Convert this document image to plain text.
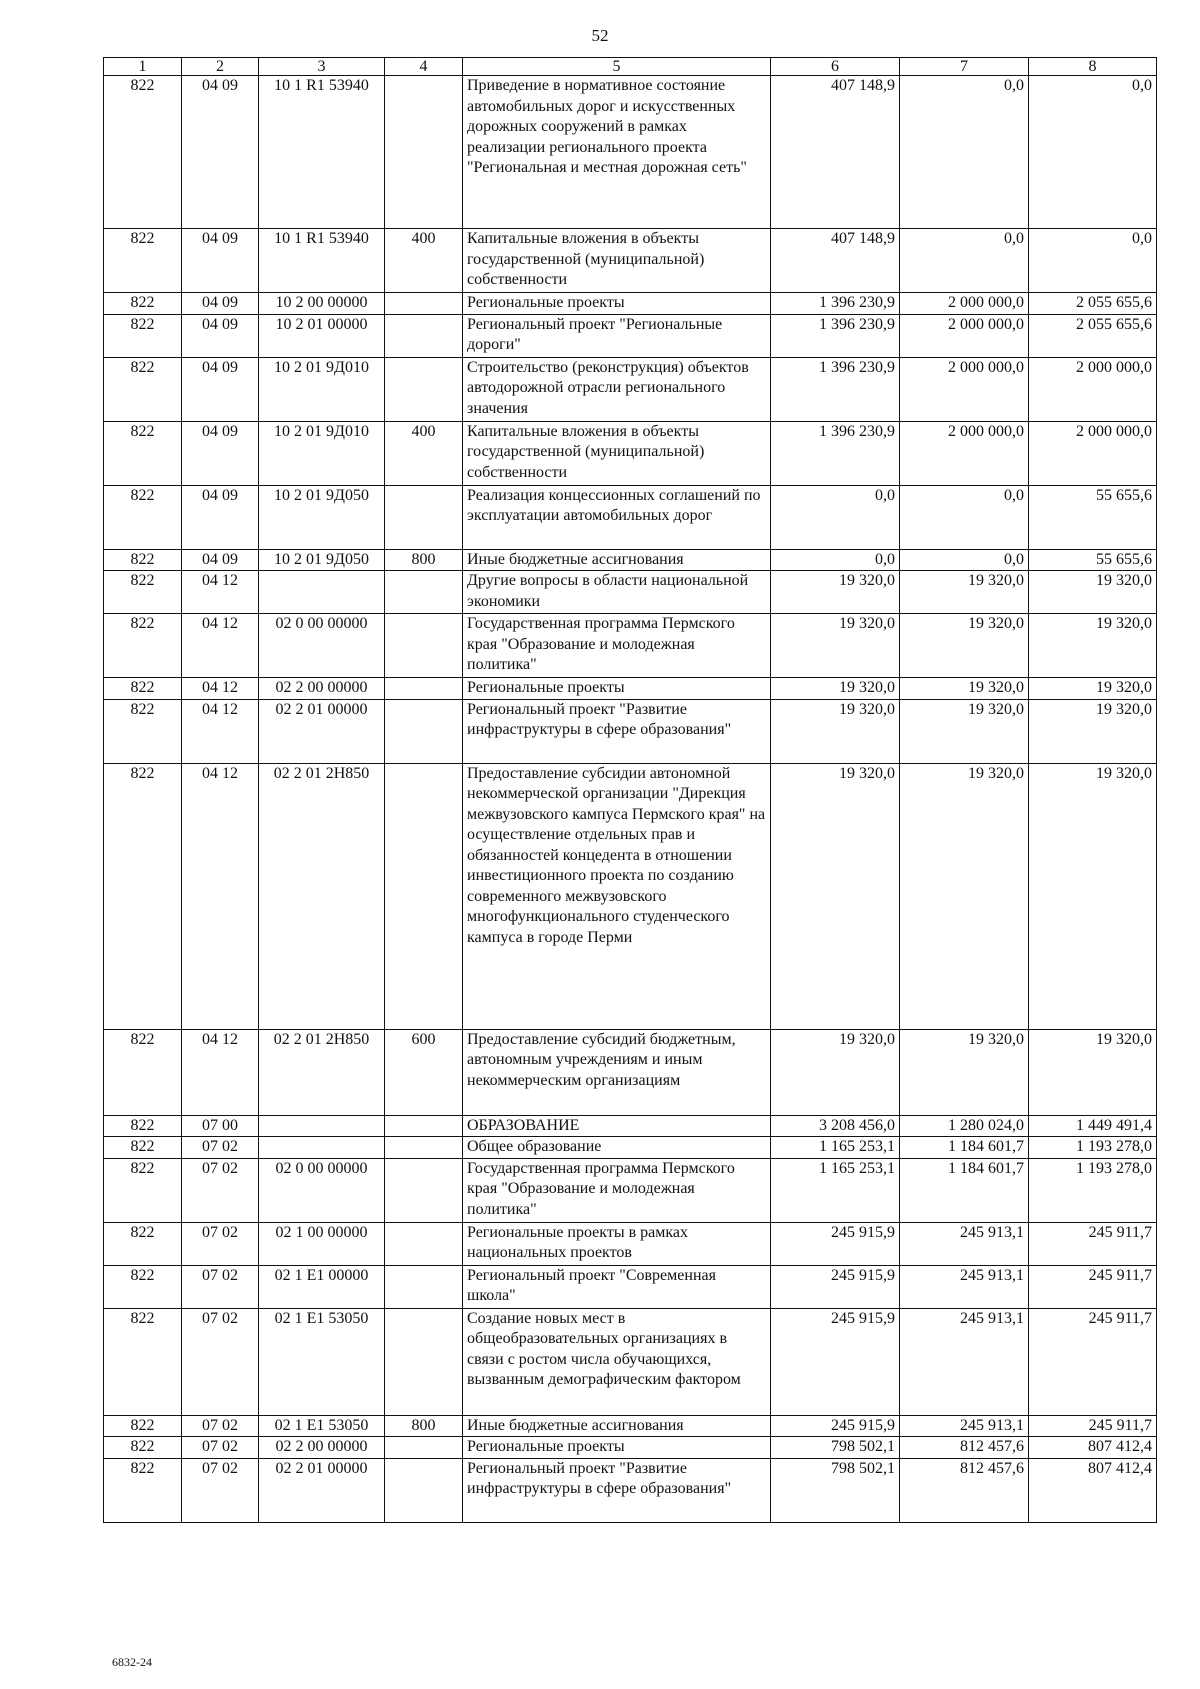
52
1	2	3	4	5	6	7	8
822	04 09	10 1 R1 53940		Приведение в нормативное состояние автомобильных дорог и искусственных дорожных сооружений в рамках реализации регионального проекта "Региональная и местная дорожная сеть"	407 148,9	0,0	0,0
822	04 09	10 1 R1 53940	400	Капитальные вложения в объекты государственной (муниципальной) собственности	407 148,9	0,0	0,0
822	04 09	10 2 00 00000		Региональные проекты	1 396 230,9	2 000 000,0	2 055 655,6
822	04 09	10 2 01 00000		Региональный проект "Региональные дороги"	1 396 230,9	2 000 000,0	2 055 655,6
822	04 09	10 2 01 9Д010		Строительство (реконструкция) объектов автодорожной отрасли регионального значения	1 396 230,9	2 000 000,0	2 000 000,0
822	04 09	10 2 01 9Д010	400	Капитальные вложения в объекты государственной (муниципальной) собственности	1 396 230,9	2 000 000,0	2 000 000,0
822	04 09	10 2 01 9Д050		Реализация концессионных соглашений по эксплуатации автомобильных дорог	0,0	0,0	55 655,6
822	04 09	10 2 01 9Д050	800	Иные бюджетные ассигнования	0,0	0,0	55 655,6
822	04 12			Другие вопросы в области национальной экономики	19 320,0	19 320,0	19 320,0
822	04 12	02 0 00 00000		Государственная программа Пермского края "Образование и молодежная политика"	19 320,0	19 320,0	19 320,0
822	04 12	02 2 00 00000		Региональные проекты	19 320,0	19 320,0	19 320,0
822	04 12	02 2 01 00000		Региональный проект "Развитие инфраструктуры в сфере образования"	19 320,0	19 320,0	19 320,0
822	04 12	02 2 01 2Н850		Предоставление субсидии автономной некоммерческой организации "Дирекция межвузовского кампуса Пермского края" на осуществление отдельных прав и обязанностей концедента в отношении инвестиционного проекта по созданию современного межвузовского многофункционального студенческого кампуса в городе Перми	19 320,0	19 320,0	19 320,0
822	04 12	02 2 01 2Н850	600	Предоставление субсидий бюджетным, автономным учреждениям и иным некоммерческим организациям	19 320,0	19 320,0	19 320,0
822	07 00			ОБРАЗОВАНИЕ	3 208 456,0	1 280 024,0	1 449 491,4
822	07 02			Общее образование	1 165 253,1	1 184 601,7	1 193 278,0
822	07 02	02 0 00 00000		Государственная программа Пермского края "Образование и молодежная политика"	1 165 253,1	1 184 601,7	1 193 278,0
822	07 02	02 1 00 00000		Региональные проекты в рамках национальных проектов	245 915,9	245 913,1	245 911,7
822	07 02	02 1 E1 00000		Региональный проект "Современная школа"	245 915,9	245 913,1	245 911,7
822	07 02	02 1 E1 53050		Создание новых мест в общеобразовательных организациях в связи с ростом числа обучающихся, вызванным демографическим фактором	245 915,9	245 913,1	245 911,7
822	07 02	02 1 E1 53050	800	Иные бюджетные ассигнования	245 915,9	245 913,1	245 911,7
822	07 02	02 2 00 00000		Региональные проекты	798 502,1	812 457,6	807 412,4
822	07 02	02 2 01 00000		Региональный проект "Развитие инфраструктуры в сфере образования"	798 502,1	812 457,6	807 412,4
6832-24
